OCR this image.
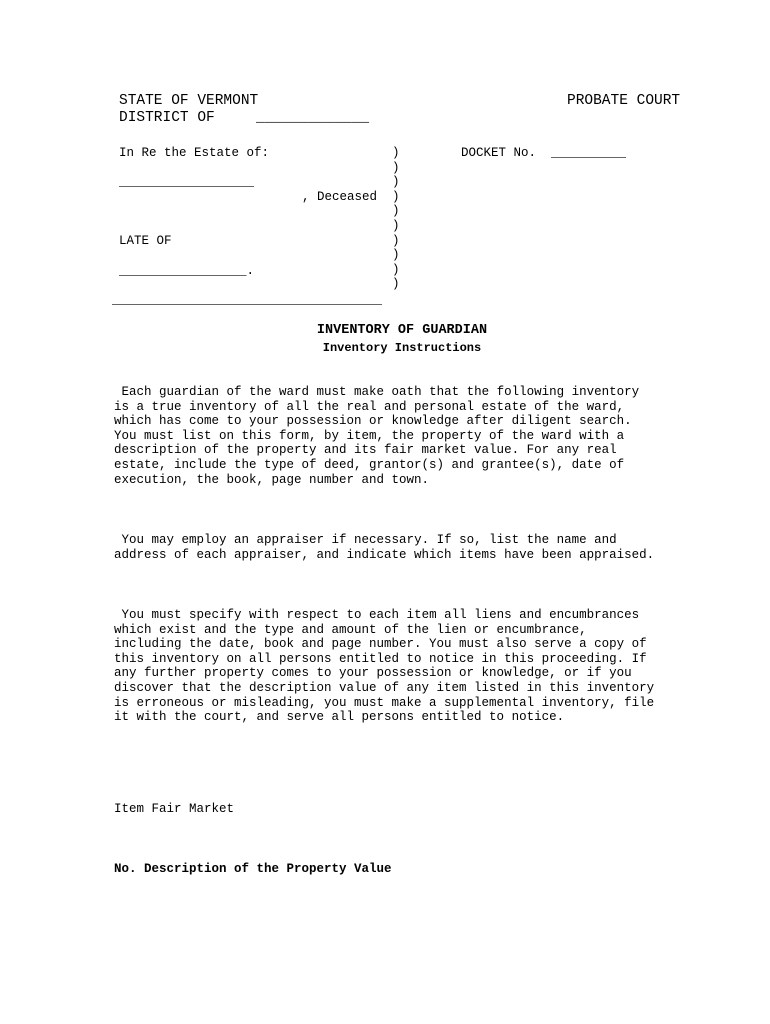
STATE OF VERMONT	PROBATE COURT
DISTRICT OF	_____________
In Re the Estate of:
__________________
, Deceased
LATE OF
_________________.
____________________________________
)
)
)
)
)
)
)
)
)
)
DOCKET No. __________
INVENTORY OF GUARDIAN
Inventory Instructions
Each guardian of the ward must make oath that the following inventory
is a true inventory of all the real and personal estate of the ward,
which has come to your possession or knowledge after diligent search.
You must list on this form, by item, the property of the ward with a
description of the property and its fair market value. For any real
estate, include the type of deed, grantor(s) and grantee(s), date of
execution, the book, page number and town.
You may employ an appraiser if necessary. If so, list the name and
address of each appraiser, and indicate which items have been appraised.
You must specify with respect to each item all liens and encumbrances
which exist and the type and amount of the lien or encumbrance,
including the date, book and page number. You must also serve a copy of
this inventory on all persons entitled to notice in this proceeding. If
any further property comes to your possession or knowledge, or if you
discover that the description value of any item listed in this inventory
is erroneous or misleading, you must make a supplemental inventory, file
it with the court, and serve all persons entitled to notice.
Item Fair Market
No. Description of the Property Value
